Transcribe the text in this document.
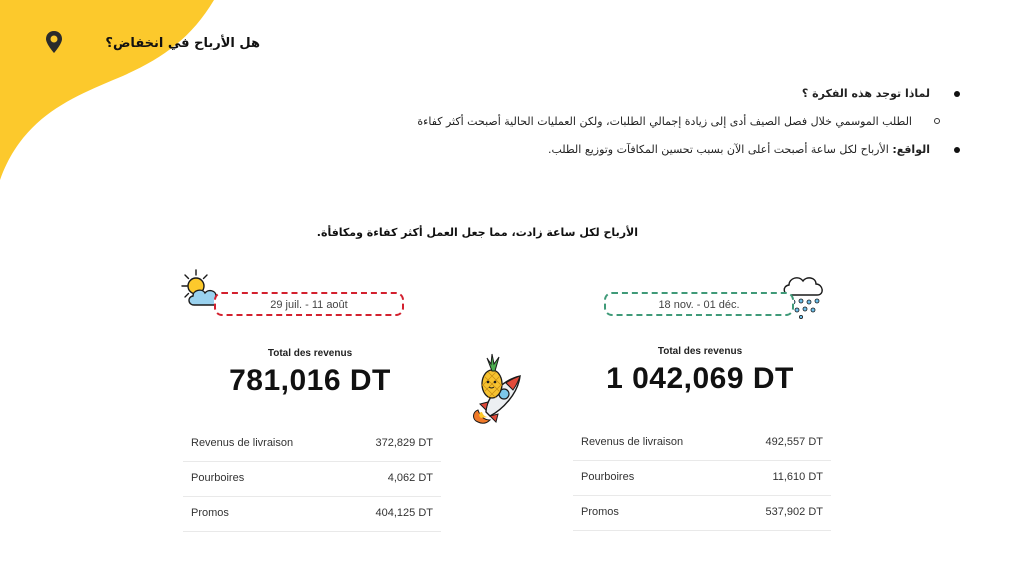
هل الأرباح في انخفاض؟
لماذا توجد هذه الفكرة ؟
الطلب الموسمي خلال فصل الصيف أدى إلى زيادة إجمالي الطلبات، ولكن العمليات الحالية أصبحت أكثر كفاءة
الواقع: الأرباح لكل ساعة أصبحت أعلى الآن بسبب تحسين المكافآت وتوزيع الطلب.
الأرباح لكل ساعة زادت، مما جعل العمل أكثر كفاءة ومكافأة.
29 juil. - 11 août	18 nov. - 01 déc.
Total des revenus
781,016 DT
Total des revenus
1 042,069 DT
Revenus de livraison	372,829 DT
Pourboires	4,062 DT
Promos	404,125 DT
Revenus de livraison	492,557 DT
Pourboires	11,610 DT
Promos	537,902 DT
